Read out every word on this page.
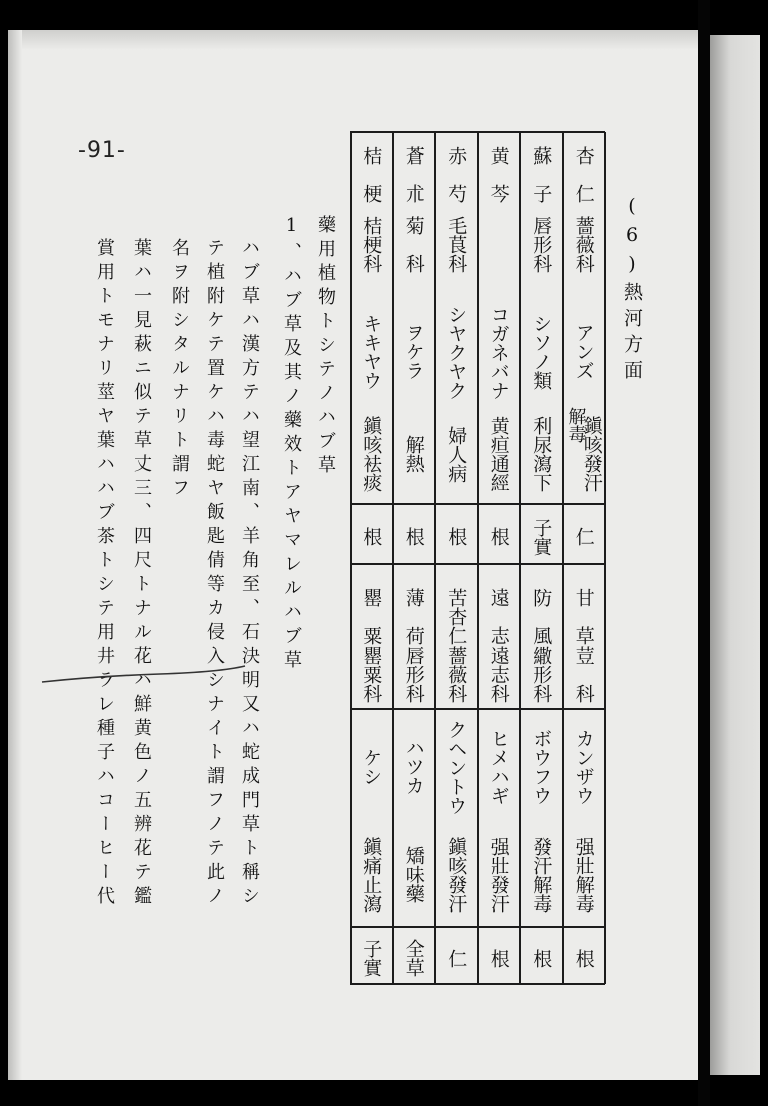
-91-
(6)熱河方面
杏　仁
薔薇科
アンズ
鎭咳發汗
仁
甘　草
荳　科
カンザウ
强壯解毒
根
解毒
蘇　子
唇形科
シソノ類
利尿瀉下
子實
防　風
繖形科
ボウフウ
發汗解毒
根
黄　芩
コガネバナ
黄疸通經
根
遠　志
遠志科
ヒメハギ
强壯發汗
根
赤　芍
毛茛科
シヤクヤク
婦人病
根
苦杏仁
薔薇科
クヘントウ
鎭咳發汗
仁
蒼　朮
菊　科
ヲケラ
解熱
根
薄　荷
唇形科
ハツカ
矯味藥
全草
桔　梗
桔梗科
キキヤウ
鎭咳袪痰
根
罌　粟
罌粟科
ケシ
鎭痛止瀉
子實
藥用植物トシテノハブ草
1、ハブ草及其ノ藥效トアヤマレルハブ草
ハブ草ハ漢方テハ望江南、羊角至、石決明又ハ蛇成門草ト稱シ
テ植附ケテ置ケハ毒蛇ヤ飯匙倩等カ侵入シナイト謂フノテ此ノ
名ヲ附シタルナリト謂フ
葉ハ一見萩ニ似テ草丈三、四尺トナル花ハ鮮黄色ノ五辨花テ鑑
賞用トモナリ莖ヤ葉ハハブ茶トシテ用井ラレ種子ハコーヒー代
